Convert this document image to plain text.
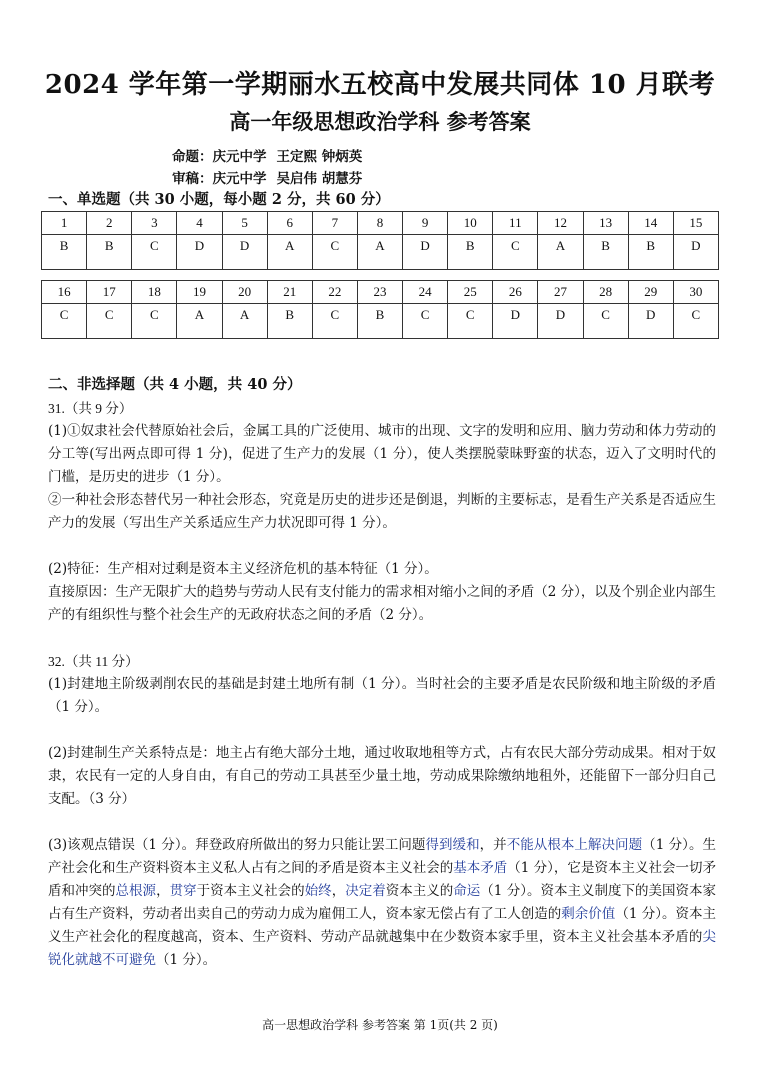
2024 学年第一学期丽水五校高中发展共同体 10 月联考
高一年级思想政治学科 参考答案
命题：庆元中学 王定熙 钟炳英
审稿：庆元中学 吴启伟 胡慧芬
一、单选题（共 30 小题，每小题 2 分，共 60 分）
1	2	3	4	5	6	7	8	9	10	11	12	13	14	15
B	B	C	D	D	A	C	A	D	B	C	A	B	B	D

16	17	18	19	20	21	22	23	24	25	26	27	28	29	30
C	C	C	A	A	B	C	B	C	C	D	D	C	D	C
二、非选择题（共 4 小题，共 40 分）

31.（共 9 分）

(1)①奴隶社会代替原始社会后，金属工具的广泛使用、城市的出现、文字的发明和应用、脑力劳动和体力劳动的分工等(写出两点即可得 1 分)，促进了生产力的发展（1 分），使人类摆脱蒙昧野蛮的状态，迈入了文明时代的门槛，是历史的进步（1 分）。

②一种社会形态替代另一种社会形态，究竟是历史的进步还是倒退，判断的主要标志，是看生产关系是否适应生产力的发展（写出生产关系适应生产力状况即可得 1 分）。

(2)特征：生产相对过剩是资本主义经济危机的基本特征（1 分）。

直接原因：生产无限扩大的趋势与劳动人民有支付能力的需求相对缩小之间的矛盾（2 分），以及个别企业内部生产的有组织性与整个社会生产的无政府状态之间的矛盾（2 分）。

32.（共 11 分）

(1)封建地主阶级剥削农民的基础是封建土地所有制（1 分）。当时社会的主要矛盾是农民阶级和地主阶级的矛盾（1 分）。

(2)封建制生产关系特点是：地主占有绝大部分土地，通过收取地租等方式，占有农民大部分劳动成果。相对于奴隶，农民有一定的人身自由，有自己的劳动工具甚至少量土地，劳动成果除缴纳地租外，还能留下一部分归自己支配。（3 分）

(3)该观点错误（1 分）。拜登政府所做出的努力只能让罢工问题得到缓和，并不能从根本上解决问题（1 分）。生产社会化和生产资料资本主义私人占有之间的矛盾是资本主义社会的基本矛盾（1 分），它是资本主义社会一切矛盾和冲突的总根源，贯穿于资本主义社会的始终，决定着资本主义的命运（1 分）。资本主义制度下的美国资本家占有生产资料，劳动者出卖自己的劳动力成为雇佣工人，资本家无偿占有了工人创造的剩余价值（1 分）。资本主义生产社会化的程度越高，资本、生产资料、劳动产品就越集中在少数资本家手里，资本主义社会基本矛盾的尖锐化就越不可避免（1 分）。

高一思想政治学科 参考答案 第 1页(共 2 页)
